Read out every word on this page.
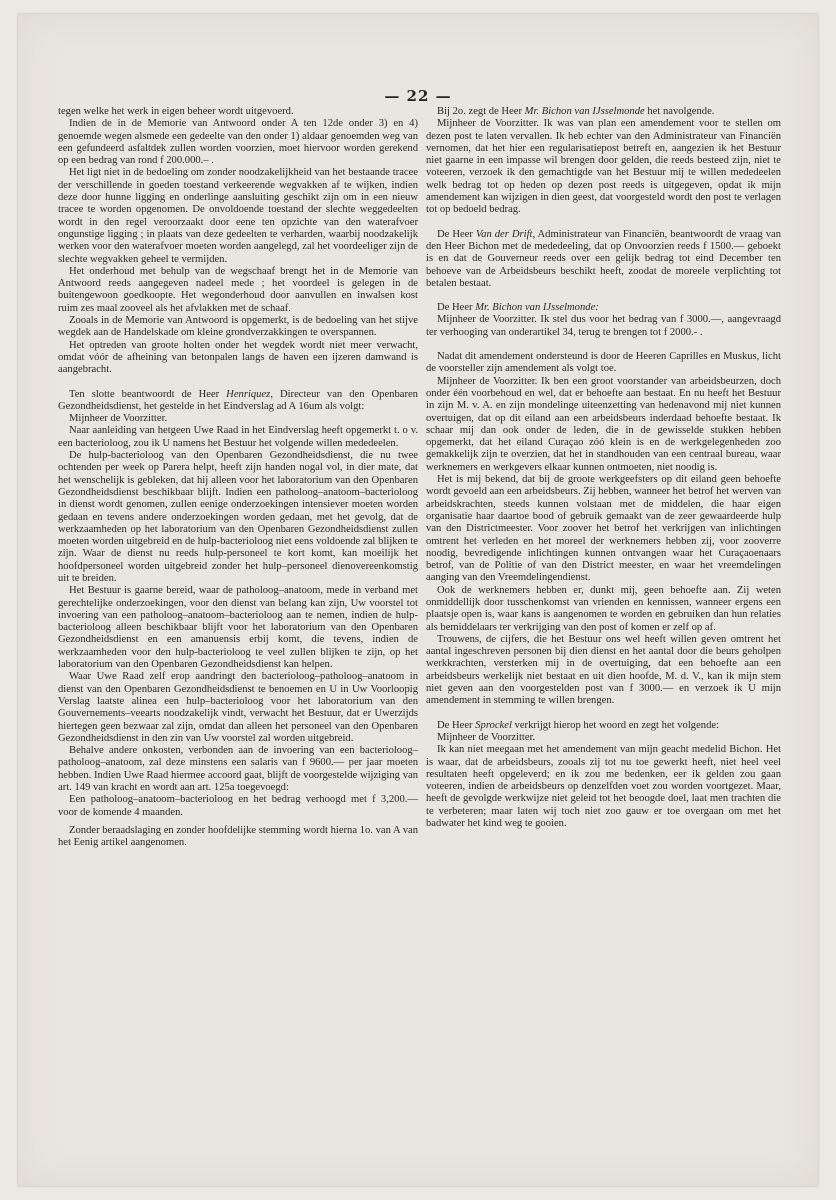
— 22 —

tegen welke het werk in eigen beheer wordt uitgevoerd.

Indien de in de Memorie van Antwoord onder A ten 12de onder 3) en 4) genoemde wegen alsmede een gedeelte van den onder 1) aldaar genoemden weg van een gefundeerd asfaltdek zullen worden voorzien, moet hiervoor worden gerekend op een bedrag van rond f 200.000.– .

Het ligt niet in de bedoeling om zonder noodzakelijkheid van het bestaande tracee der verschillende in goeden toestand verkeerende wegvakken af te wijken, indien deze door hunne ligging en onderlinge aansluiting geschikt zijn om in een nieuw tracee te worden opgenomen. De onvoldoende toestand der slechte weggedeelten wordt in den regel veroorzaakt door eene ten opzichte van den waterafvoer ongunstige ligging ; in plaats van deze gedeelten te verharden, waarbij noodzakelijk werken voor den waterafvoer moeten worden aangelegd, zal het voordeeliger zijn de slechte wegvakken geheel te vermijden.

Het onderhoud met behulp van de wegschaaf brengt het in de Memorie van Antwoord reeds aangegeven nadeel mede ; het voordeel is gelegen in de buitengewoon goedkoopte. Het wegonderhoud door aanvullen en inwalsen kost ruim zes maal zooveel als het afvlakken met de schaaf.

Zooals in de Memorie van Antwoord is opgemerkt, is de bedoeling van het stijve wegdek aan de Handelskade om kleine grondverzakkingen te overspannen.

Het optreden van groote holten onder het wegdek wordt niet meer verwacht, omdat vóór de afheining van betonpalen langs de haven een ijzeren damwand is aangebracht.

Ten slotte beantwoordt de Heer Henriquez, Directeur van den Openbaren Gezondheidsdienst, het gestelde in het Eindverslag ad A 16um als volgt:

Mijnheer de Voorzitter.

Naar aanleiding van hetgeen Uwe Raad in het Eindverslag heeft opgemerkt t. o v. een bacterioloog, zou ik U namens het Bestuur het volgende willen mededeelen.

De hulp-bacterioloog van den Openbaren Gezondheidsdienst, die nu twee ochtenden per week op Parera helpt, heeft zijn handen nogal vol, in dier mate, dat het wenschelijk is gebleken, dat hij alleen voor het laboratorium van den Openbaren Gezondheidsdienst beschikbaar blijft. Indien een patholoog–anatoom–bacterioloog in dienst wordt genomen, zullen eenige onderzoekingen intensiever moeten worden gedaan en tevens andere onderzoekingen worden gedaan, met het gevolg, dat de werkzaamheden op het laboratorium van den Openbaren Gezondheidsdienst zullen moeten worden uitgebreid en de hulp-bacterioloog niet eens voldoende zal blijken te zijn. Waar de dienst nu reeds hulp-personeel te kort komt, kan moeilijk het hoofdpersoneel worden uitgebreid zonder het hulp–personeel dienovereenkomstig uit te breiden.

Het Bestuur is gaarne bereid, waar de patholoog–anatoom, mede in verband met gerechtelijke onderzoekingen, voor den dienst van belang kan zijn, Uw voorstel tot invoering van een patholoog–anatoom–bacterioloog aan te nemen, indien de hulp-bacterioloog alleen beschikbaar blijft voor het laboratorium van den Openbaren Gezondheidsdienst en een amanuensis erbij komt, die tevens, indien de werkzaamheden voor den hulp-bacterioloog te veel zullen blijken te zijn, op het laboratorium van den Openbaren Gezondheidsdienst kan helpen.

Waar Uwe Raad zelf erop aandringt den bacterioloog–patholoog–anatoom in dienst van den Openbaren Gezondheidsdienst te benoemen en U in Uw Voorloopig Verslag laatste alinea een hulp–bacterioloog voor het laboratorium van den Gouvernements–veearts noodzakelijk vindt, verwacht het Bestuur, dat er Uwerzijds hiertegen geen bezwaar zal zijn, omdat dan alleen het personeel van den Openbaren Gezondheidsdienst in den zin van Uw voorstel zal worden uitgebreid.

Behalve andere onkosten, verbonden aan de invoering van een bacterioloog–patholoog–anatoom, zal deze minstens een salaris van f 9600.— per jaar moeten hebben. Indien Uwe Raad hiermee accoord gaat, blijft de voorgestelde wijziging van art. 149 van kracht en wordt aan art. 125a toegevoegd:

Een patholoog–anatoom–bacterioloog en het bedrag verhoogd met f 3,200.— voor de komende 4 maanden.

Zonder beraadslaging en zonder hoofdelijke stemming wordt hierna 1o. van A van het Eenig artikel aangenomen.

Bij 2o. zegt de Heer Mr. Bichon van IJsselmonde het navolgende.

Mijnheer de Voorzitter. Ik was van plan een amendement voor te stellen om dezen post te laten vervallen. Ik heb echter van den Administrateur van Financiën vernomen, dat het hier een regularisatiepost betreft en, aangezien ik het Bestuur niet gaarne in een impasse wil brengen door gelden, die reeds besteed zijn, niet te voteeren, verzoek ik den gemachtigde van het Bestuur mij te willen mededeelen welk bedrag tot op heden op dezen post reeds is uitgegeven, opdat ik mijn amendement kan wijzigen in dien geest, dat voorgesteld wordt den post te verlagen tot op bedoeld bedrag.

De Heer Van der Drift, Administrateur van Financiën, beantwoordt de vraag van den Heer Bichon met de mededeeling, dat op Onvoorzien reeds f 1500.— geboekt is en dat de Gouverneur reeds over een gelijk bedrag tot eind December ten behoeve van de Arbeidsbeurs beschikt heeft, zoodat de moreele verplichting tot betalen bestaat.

De Heer Mr. Bichon van IJsselmonde:

Mijnheer de Voorzitter. Ik stel dus voor het bedrag van f 3000.—, aangevraagd ter verhooging van onderartikel 34, terug te brengen tot f 2000.- .

Nadat dit amendement ondersteund is door de Heeren Caprilles en Muskus, licht de voorsteller zijn amendement als volgt toe.

Mijnheer de Voorzitter. Ik ben een groot voorstander van arbeidsbeurzen, doch onder één voorbehoud en wel, dat er behoefte aan bestaat. En nu heeft het Bestuur in zijn M. v. A. en zijn mondelinge uiteenzetting van hedenavond mij niet kunnen overtuigen, dat op dit eiland aan een arbeidsbeurs inderdaad behoefte bestaat. Ik schaar mij dan ook onder de leden, die in de gewisselde stukken hebben opgemerkt, dat het eiland Curaçao zóó klein is en de werkgelegenheden zoo gemakkelijk zijn te overzien, dat het in standhouden van een centraal bureau, waar werknemers en werkgevers elkaar kunnen ontmoeten, niet noodig is.

Het is mij bekend, dat bij de groote werkgeefsters op dit eiland geen behoefte wordt gevoeld aan een arbeidsbeurs. Zij hebben, wanneer het betrof het werven van arbeidskrachten, steeds kunnen volstaan met de middelen, die haar eigen organisatie haar daartoe bood of gebruik gemaakt van de zeer gewaardeerde hulp van den Districtmeester. Voor zoover het betrof het verkrijgen van inlichtingen omtrent het verleden en het moreel der werknemers hebben zij, voor zooverre noodig, bevredigende inlichtingen kunnen ontvangen waar het Curaçaoenaars betrof, van de Politie of van den District meester, en waar het vreemdelingen aanging van den Vreemdelingendienst.

Ook de werknemers hebben er, dunkt mij, geen behoefte aan. Zij weten onmiddellijk door tusschenkomst van vrienden en kennissen, wanneer ergens een plaatsje open is, waar kans is aangenomen te worden en gebruiken dan hun relaties als bemiddelaars ter verkrijging van den post of komen er zelf op af.

Trouwens, de cijfers, die het Bestuur ons wel heeft willen geven omtrent het aantal ingeschreven personen bij dien dienst en het aantal door die beurs geholpen werkkrachten, versterken mij in de overtuiging, dat een behoefte aan een arbeidsbeurs werkelijk niet bestaat en uit dien hoofde, M. d. V., kan ik mijn stem niet geven aan den voorgestelden post van f 3000.— en verzoek ik U mijn amendement in stemming te willen brengen.

De Heer Sprockel verkrijgt hierop het woord en zegt het volgende:

Mijnheer de Voorzitter.

Ik kan niet meegaan met het amendement van mijn geacht medelid Bichon. Het is waar, dat de arbeidsbeurs, zooals zij tot nu toe gewerkt heeft, niet heel veel resultaten heeft opgeleverd; en ik zou me bedenken, eer ik gelden zou gaan voteeren, indien de arbeidsbeurs op denzelfden voet zou worden voortgezet. Maar, heeft de gevolgde werkwijze niet geleid tot het beoogde doel, laat men trachten die te verbeteren; maar laten wij toch niet zoo gauw er toe overgaan om met het badwater het kind weg te gooien.
